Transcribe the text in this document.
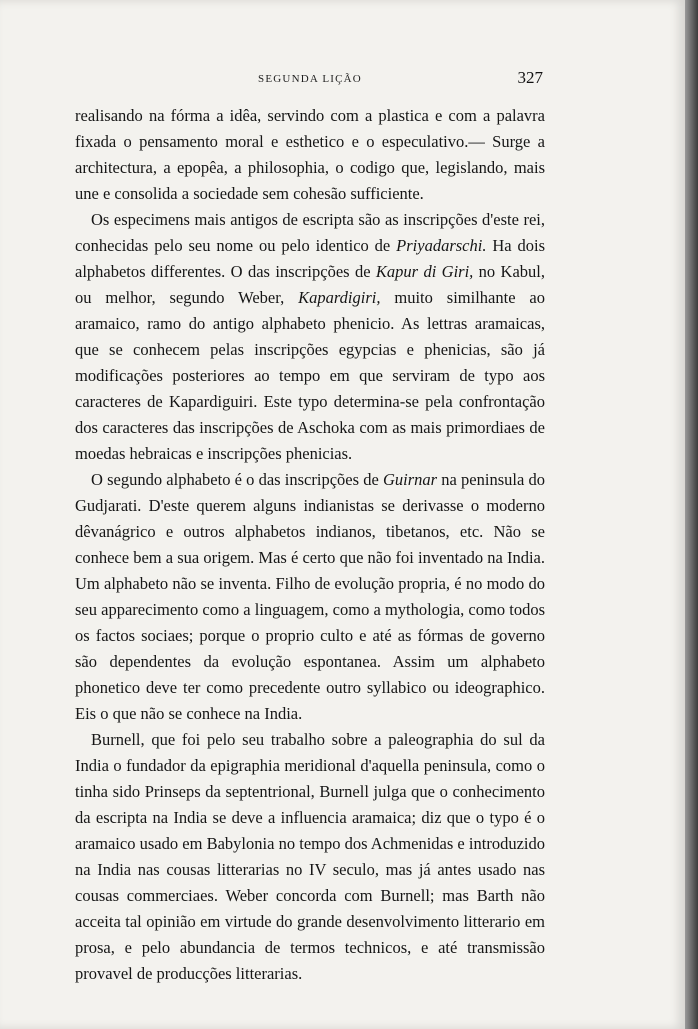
SEGUNDA LIÇÃO	327

realisando na fórma a idêa, servindo com a plastica e com a palavra fixada o pensamento moral e esthetico e o especulativo.— Surge a architectura, a epopêa, a philosophia, o codigo que, legislando, mais une e consolida a sociedade sem cohesão sufficiente.

Os especimens mais antigos de escripta são as inscripções d'este rei, conhecidas pelo seu nome ou pelo identico de Priyadarschi. Ha dois alphabetos differentes. O das inscripções de Kapur di Giri, no Kabul, ou melhor, segundo Weber, Kapardigiri, muito similhante ao aramaico, ramo do antigo alphabeto phenicio. As lettras aramaicas, que se conhecem pelas inscripções egypcias e phenicias, são já modificações posteriores ao tempo em que serviram de typo aos caracteres de Kapardiguiri. Este typo determina-se pela confrontação dos caracteres das inscripções de Aschoka com as mais primordiaes de moedas hebraicas e inscripções phenicias.

O segundo alphabeto é o das inscripções de Guirnar na peninsula do Gudjarati. D'este querem alguns indianistas se derivasse o moderno dêvanágrico e outros alphabetos indianos, tibetanos, etc. Não se conhece bem a sua origem. Mas é certo que não foi inventado na India. Um alphabeto não se inventa. Filho de evolução propria, é no modo do seu apparecimento como a linguagem, como a mythologia, como todos os factos sociaes; porque o proprio culto e até as fórmas de governo são dependentes da evolução espontanea. Assim um alphabeto phonetico deve ter como precedente outro syllabico ou ideographico. Eis o que não se conhece na India.

Burnell, que foi pelo seu trabalho sobre a paleographia do sul da India o fundador da epigraphia meridional d'aquella peninsula, como o tinha sido Prinseps da septentrional, Burnell julga que o conhecimento da escripta na India se deve a influencia aramaica; diz que o typo é o aramaico usado em Babylonia no tempo dos Achmenidas e introduzido na India nas cousas litterarias no IV seculo, mas já antes usado nas cousas commerciaes. Weber concorda com Burnell; mas Barth não acceita tal opinião em virtude do grande desenvolvimento litterario em prosa, e pelo abundancia de termos technicos, e até transmissão provavel de producções litterarias.
